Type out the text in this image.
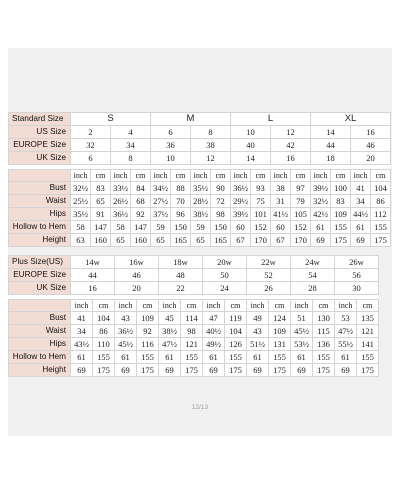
Standard Size	S				M				L				XL			
US Size	2		4		6		8		10		12		14		16	
EUROPE Size	32		34		36		38		40		42		44		46	
UK Size	6		8		10		12		14		16		18		20	

	inch	cm	inch	cm	inch	cm	inch	cm	inch	cm	inch	cm	inch	cm	inch	cm
Bust	32½	83	33½	84	34½	88	35½	90	36½	93	38	97	39½	100	41	104
Waist	25½	65	26½	68	27½	70	28½	72	29½	75	31	79	32½	83	34	86
Hips	35½	91	36½	92	37½	96	38½	98	39½	101	41½	105	42½	109	44½	112
Hollow to Hem	58	147	58	147	59	150	59	150	60	152	60	152	61	155	61	155
Height	63	160	65	160	65	165	65	165	67	170	67	170	69	175	69	175
Plus Size(US)	14w		16w		18w		20w		22w		24w		26w	
EUROPE Size	44		46		48		50		52		54		56	
UK Size	16		20		22		24		26		28		30	

	inch	cm	inch	cm	inch	cm	inch	cm	inch	cm	inch	cm	inch	cm
Bust	41	104	43	109	45	114	47	119	49	124	51	130	53	135
Waist	34	86	36½	92	38½	98	40½	104	43	109	45½	115	47½	121
Hips	43½	110	45½	116	47½	121	49½	126	51½	131	53½	136	55½	141
Hollow to Hem	61	155	61	155	61	155	61	155	61	155	61	155	61	155
Height	69	175	69	175	69	175	69	175	69	175	69	175	69	175
12/13
